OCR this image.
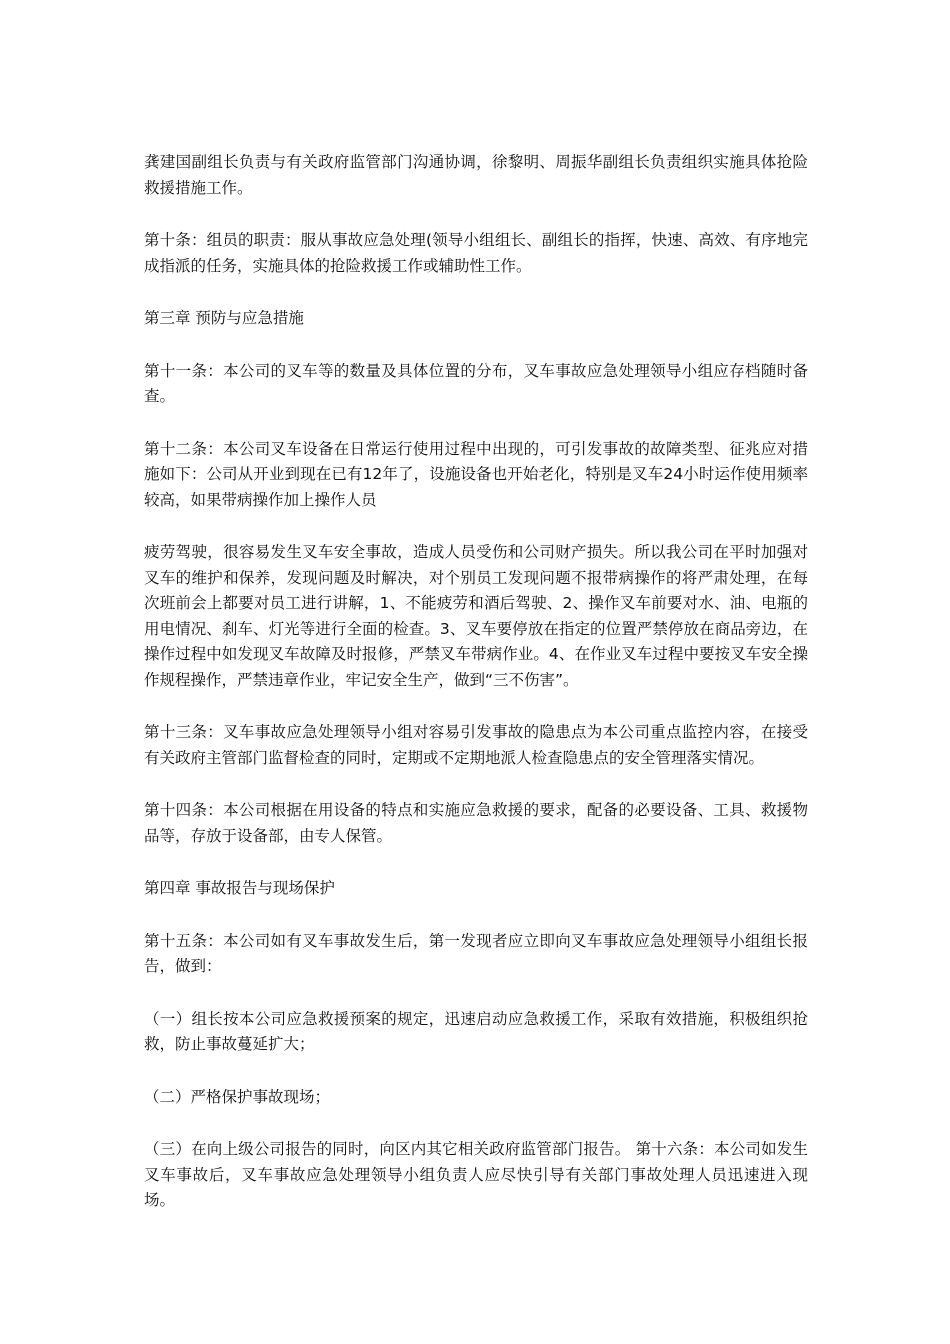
龚建国副组长负责与有关政府监管部门沟通协调，徐黎明、周振华副组长负责组织实施具体抢险救援措施工作。

第十条：组员的职责：服从事故应急处理(领导小组组长、副组长的指挥，快速、高效、有序地完成指派的任务，实施具体的抢险救援工作或辅助性工作。

第三章 预防与应急措施

第十一条：本公司的叉车等的数量及具体位置的分布，叉车事故应急处理领导小组应存档随时备查。

第十二条：本公司叉车设备在日常运行使用过程中出现的，可引发事故的故障类型、征兆应对措施如下：公司从开业到现在已有12年了，设施设备也开始老化，特别是叉车24小时运作使用频率较高，如果带病操作加上操作人员

疲劳驾驶，很容易发生叉车安全事故，造成人员受伤和公司财产损失。所以我公司在平时加强对叉车的维护和保养，发现问题及时解决，对个别员工发现问题不报带病操作的将严肃处理，在每次班前会上都要对员工进行讲解，1、不能疲劳和酒后驾驶、2、操作叉车前要对水、油、电瓶的用电情况、刹车、灯光等进行全面的检查。3、叉车要停放在指定的位置严禁停放在商品旁边，在操作过程中如发现叉车故障及时报修，严禁叉车带病作业。4、在作业叉车过程中要按叉车安全操作规程操作，严禁违章作业，牢记安全生产，做到“三不伤害”。

第十三条：叉车事故应急处理领导小组对容易引发事故的隐患点为本公司重点监控内容，在接受有关政府主管部门监督检查的同时，定期或不定期地派人检查隐患点的安全管理落实情况。

第十四条：本公司根据在用设备的特点和实施应急救援的要求，配备的必要设备、工具、救援物品等，存放于设备部，由专人保管。

第四章 事故报告与现场保护

第十五条：本公司如有叉车事故发生后，第一发现者应立即向叉车事故应急处理领导小组组长报告，做到：

（一）组长按本公司应急救援预案的规定，迅速启动应急救援工作，采取有效措施，积极组织抢救，防止事故蔓延扩大；

（二）严格保护事故现场；

（三）在向上级公司报告的同时，向区内其它相关政府监管部门报告。 第十六条：本公司如发生叉车事故后，叉车事故应急处理领导小组负责人应尽快引导有关部门事故处理人员迅速进入现场。
